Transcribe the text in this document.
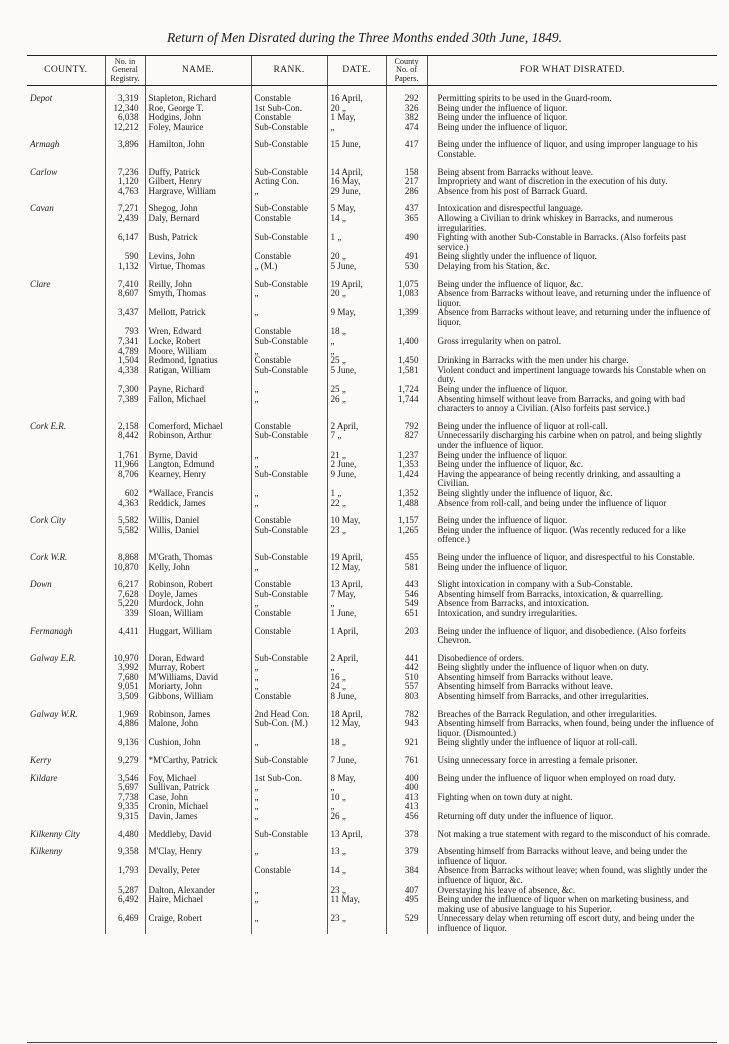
Return of Men Disrated during the Three Months ended 30th June, 1849.
COUNTY.	No. in General Registry.	NAME.	RANK.	DATE.	County No. of Papers.	FOR WHAT DISRATED.
Depot	3,319	Stapleton, Richard	Constable	16 April,	292	Permitting spirits to be used in the Guard-room.
	12,340	Roe, George T.	1st Sub-Con.	20 „	326	Being under the influence of liquor.
	6,038	Hodgins, John	Constable	1 May,	382	Being under the influence of liquor.
	12,212	Foley, Maurice	Sub-Constable	„	474	Being under the influence of liquor.
Armagh	3,896	Hamilton, John	Sub-Constable	15 June,	417	Being under the influence of liquor, and using improper language to his Constable.
Carlow	7,236	Duffy, Patrick	Sub-Constable	14 April,	158	Being absent from Barracks without leave.
	1,120	Gilbert, Henry	Acting Con.	16 May,	217	Impropriety and want of discretion in the execution of his duty.
	4,763	Hargrave, William	„	29 June,	286	Absence from his post of Barrack Guard.
Cavan	7,271	Shegog, John	Sub-Constable	5 May,	437	Intoxication and disrespectful language.
	2,439	Daly, Bernard	Constable	14 „	365	Allowing a Civilian to drink whiskey in Barracks, and numerous irregularities.
	6,147	Bush, Patrick	Sub-Constable	1 „	490	Fighting with another Sub-Constable in Barracks. (Also forfeits past service.)
	590	Levins, John	Constable	20 „	491	Being slightly under the influence of liquor.
	1,132	Virtue, Thomas	„ (M.)	5 June,	530	Delaying from his Station, &c.
Clare	7,410	Reilly, John	Sub-Constable	19 April,	1,075	Being under the influence of liquor, &c.
	8,607	Smyth, Thomas	„	20 „	1,083	Absence from Barracks without leave, and returning under the influence of liquor.
	3,437	Mellott, Patrick	„	9 May,	1,399	Absence from Barracks without leave, and returning under the influence of liquor.
	793	Wren, Edward	Constable	18 „		
	7,341	Locke, Robert	Sub-Constable	„	1,400	Gross irregularity when on patrol.
	4,789	Moore, William	„	„		
	1,504	Redmond, Ignatius	Constable	25 „	1,450	Drinking in Barracks with the men under his charge.
	4,338	Ratigan, William	Sub-Constable	5 June,	1,581	Violent conduct and impertinent language towards his Constable when on duty.
	7,300	Payne, Richard	„	25 „	1,724	Being under the influence of liquor.
	7,389	Fallon, Michael	„	26 „	1,744	Absenting himself without leave from Barracks, and going with bad characters to annoy a Civilian. (Also forfeits past service.)
Cork E.R.	2,158	Comerford, Michael	Constable	2 April,	792	Being under the influence of liquor at roll-call.
	8,442	Robinson, Arthur	Sub-Constable	7 „	827	Unnecessarily discharging his carbine when on patrol, and being slightly under the influence of liquor.
	1,761	Byrne, David	„	21 „	1,237	Being under the influence of liquor.
	11,966	Langton, Edmund	„	2 June,	1,353	Being under the influence of liquor, &c.
	8,706	Kearney, Henry	Sub-Constable	9 June,	1,424	Having the appearance of being recently drinking, and assaulting a Civilian.
	602	*Wallace, Francis	„	1 „	1,352	Being slightly under the influence of liquor, &c.
	4,363	Reddick, James	„	22 „	1,488	Absence from roll-call, and being under the influence of liquor
Cork City	5,582	Willis, Daniel	Constable	10 May,	1,157	Being under the influence of liquor.
	5,582	Willis, Daniel	Sub-Constable	23 „	1,265	Being under the influence of liquor. (Was recently reduced for a like offence.)
Cork W.R.	8,868	M'Grath, Thomas	Sub-Constable	19 April,	455	Being under the influence of liquor, and disrespectful to his Constable.
	10,870	Kelly, John	„	12 May,	581	Being under the influence of liquor.
Down	6,217	Robinson, Robert	Constable	13 April,	443	Slight intoxication in company with a Sub-Constable.
	7,628	Doyle, James	Sub-Constable	7 May,	546	Absenting himself from Barracks, intoxication, & quarrelling.
	5,220	Murdock, John	„	„	549	Absence from Barracks, and intoxication.
	339	Sloan, William	Constable	1 June,	651	Intoxication, and sundry irregularities.
Fermanagh	4,411	Huggart, William	Constable	1 April,	203	Being under the influence of liquor, and disobedience. (Also forfeits Chevron.
Galway E.R.	10,970	Doran, Edward	Sub-Constable	2 April,	441	Disobedience of orders.
	3,992	Murray, Robert	„	„	442	Being slightly under the influence of liquor when on duty.
	7,680	M'Williams, David	„	16 „	510	Absenting himself from Barracks without leave.
	9,051	Moriarty, John	„	24 „	557	Absenting himself from Barracks without leave.
	3,509	Gibbons, William	Constable	8 June,	803	Absenting himself from Barracks, and other irregularities.
Galway W.R.	1,969	Robinson, James	2nd Head Con.	18 April,	782	Breaches of the Barrack Regulation, and other irregularities.
	4,886	Malone, John	Sub-Con. (M.)	12 May,	943	Absenting himself from Barracks, when found, being under the influence of liquor. (Dismounted.)
	9,136	Cushion, John	„	18 „	921	Being slightly under the influence of liquor at roll-call.
Kerry	9,279	*M'Carthy, Patrick	Sub-Constable	7 June,	761	Using unnecessary force in arresting a female prisoner.
Kildare	3,546	Foy, Michael	1st Sub-Con.	8 May,	400	Being under the influence of liquor when employed on road duty.
	5,697	Sullivan, Patrick	„	„	400	
	7,738	Case, John	„	10 „	413	Fighting when on town duty at night.
	9,335	Cronin, Michael	„	„	413	
	9,315	Davin, James	„	26 „	456	Returning off duty under the influence of liquor.
Kilkenny City	4,480	Meddleby, David	Sub-Constable	13 April,	378	Not making a true statement with regard to the misconduct of his comrade.
Kilkenny	9,358	M'Clay, Henry	„	13 „	379	Absenting himself from Barracks without leave, and being under the influence of liquor.
	1,793	Devally, Peter	Constable	14 „	384	Absence from Barracks without leave; when found, was slightly under the influence of liquor, &c.
	5,287	Dalton, Alexander	„	23 „	407	Overstaying his leave of absence, &c.
	6,492	Haire, Michael	„	11 May,	495	Being under the influence of liquor when on marketing business, and making use of abusive language to his Superior.
	6,469	Craige, Robert	„	23 „	529	Unnecessary delay when returning off escort duty, and being under the influence of liquor.
